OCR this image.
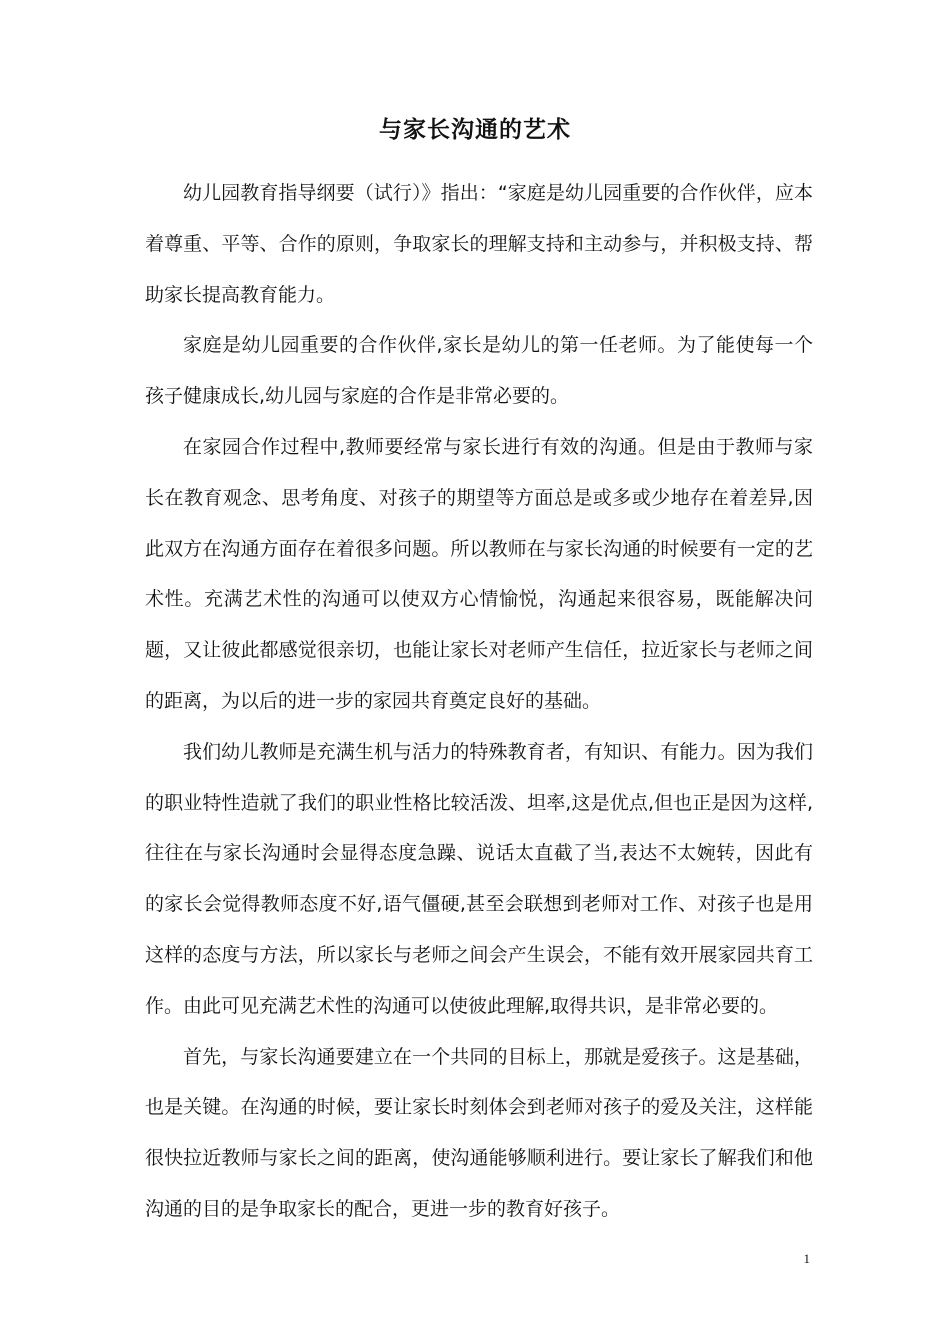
与家长沟通的艺术

幼儿园教育指导纲要（试行）》指出：“家庭是幼儿园重要的合作伙伴，应本着尊重、平等、合作的原则，争取家长的理解支持和主动参与，并积极支持、帮助家长提高教育能力。

家庭是幼儿园重要的合作伙伴,家长是幼儿的第一任老师。为了能使每一个孩子健康成长,幼儿园与家庭的合作是非常必要的。

在家园合作过程中,教师要经常与家长进行有效的沟通。但是由于教师与家长在教育观念、思考角度、对孩子的期望等方面总是或多或少地存在着差异,因此双方在沟通方面存在着很多问题。所以教师在与家长沟通的时候要有一定的艺术性。充满艺术性的沟通可以使双方心情愉悦，沟通起来很容易，既能解决问题，又让彼此都感觉很亲切，也能让家长对老师产生信任，拉近家长与老师之间的距离，为以后的进一步的家园共育奠定良好的基础。

我们幼儿教师是充满生机与活力的特殊教育者，有知识、有能力。因为我们的职业特性造就了我们的职业性格比较活泼、坦率,这是优点,但也正是因为这样,往往在与家长沟通时会显得态度急躁、说话太直截了当,表达不太婉转，因此有的家长会觉得教师态度不好,语气僵硬,甚至会联想到老师对工作、对孩子也是用这样的态度与方法，所以家长与老师之间会产生误会，不能有效开展家园共育工作。由此可见充满艺术性的沟通可以使彼此理解,取得共识，是非常必要的。

首先，与家长沟通要建立在一个共同的目标上，那就是爱孩子。这是基础，也是关键。在沟通的时候，要让家长时刻体会到老师对孩子的爱及关注，这样能很快拉近教师与家长之间的距离，使沟通能够顺利进行。要让家长了解我们和他沟通的目的是争取家长的配合，更进一步的教育好孩子。

1
